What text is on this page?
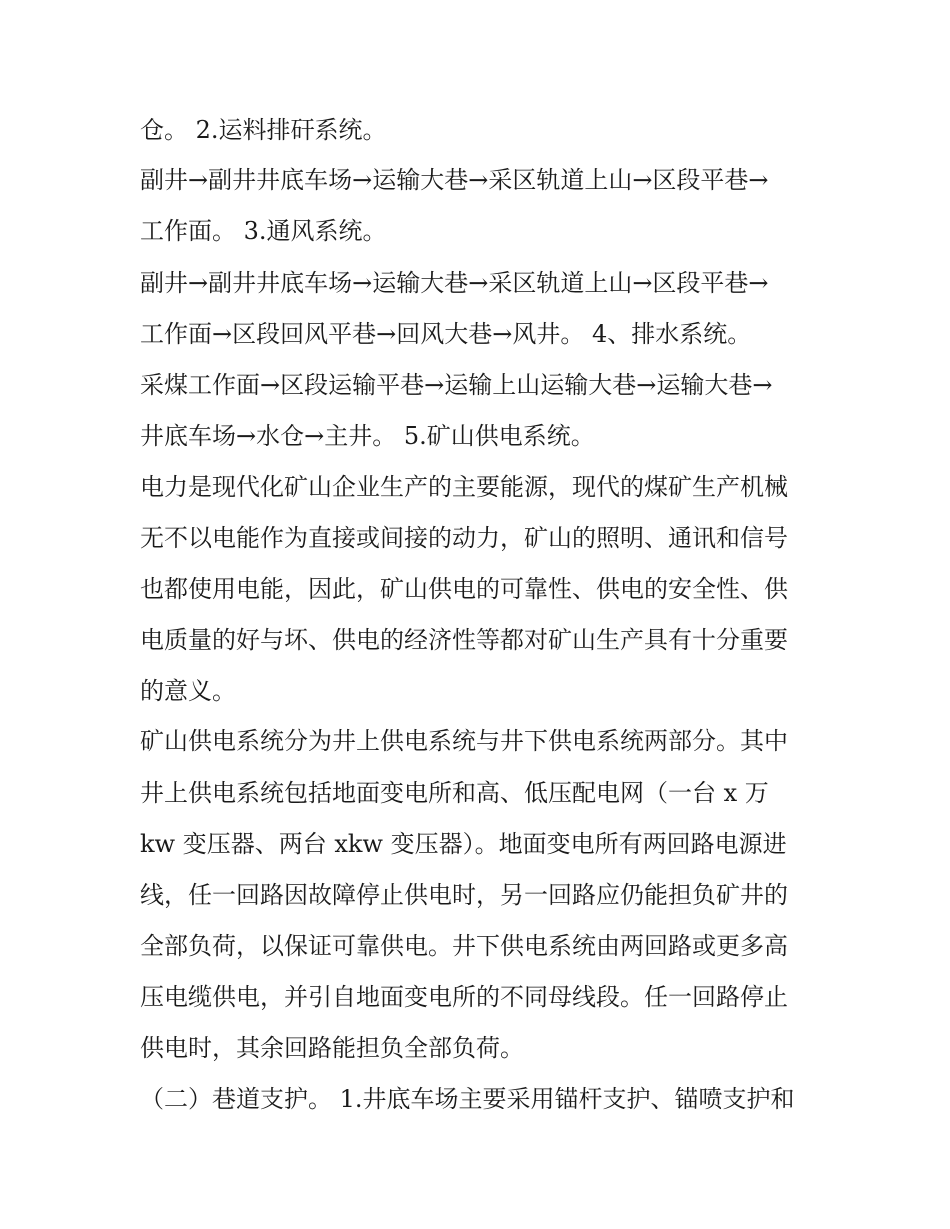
仓。 2.运料排矸系统。

副井→副井井底车场→运输大巷→采区轨道上山→区段平巷→

工作面。 3.通风系统。

副井→副井井底车场→运输大巷→采区轨道上山→区段平巷→

工作面→区段回风平巷→回风大巷→风井。 4、排水系统。

采煤工作面→区段运输平巷→运输上山运输大巷→运输大巷→

井底车场→水仓→主井。 5.矿山供电系统。

电力是现代化矿山企业生产的主要能源，现代的煤矿生产机械

无不以电能作为直接或间接的动力，矿山的照明、通讯和信号

也都使用电能，因此，矿山供电的可靠性、供电的安全性、供

电质量的好与坏、供电的经济性等都对矿山生产具有十分重要

的意义。

矿山供电系统分为井上供电系统与井下供电系统两部分。其中

井上供电系统包括地面变电所和高、低压配电网（一台 x 万

kw 变压器、两台 xkw 变压器）。地面变电所有两回路电源进

线，任一回路因故障停止供电时，另一回路应仍能担负矿井的

全部负荷，以保证可靠供电。井下供电系统由两回路或更多高

压电缆供电，并引自地面变电所的不同母线段。任一回路停止

供电时，其余回路能担负全部负荷。

（二）巷道支护。 1.井底车场主要采用锚杆支护、锚喷支护和
